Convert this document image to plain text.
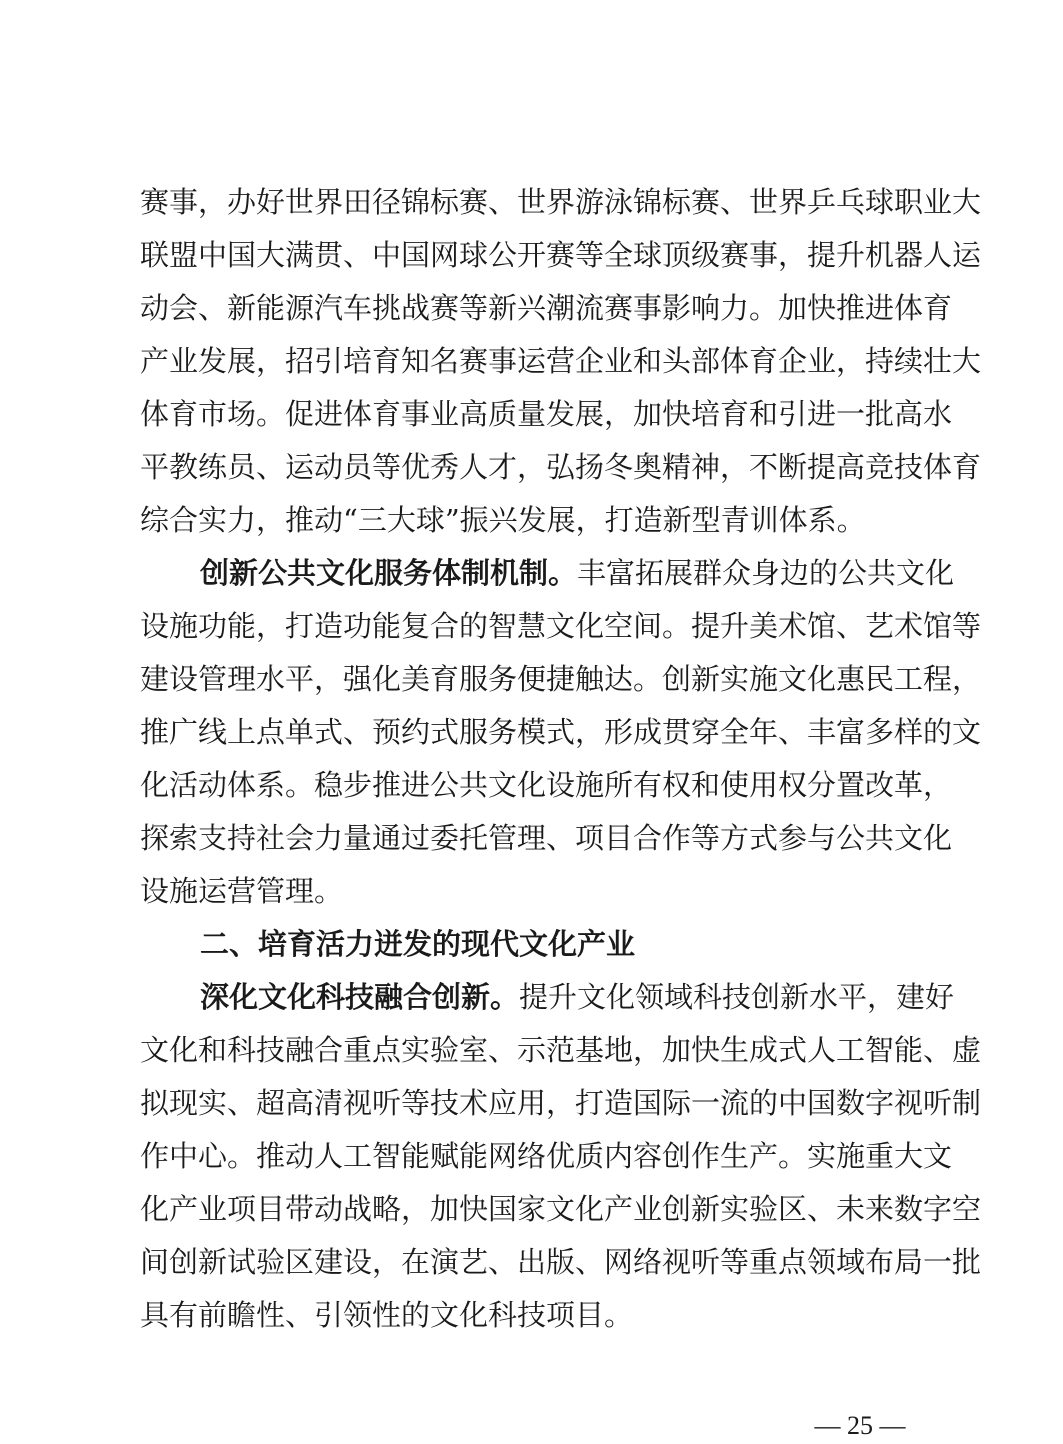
赛事，办好世界田径锦标赛、世界游泳锦标赛、世界乒乓球职业大
联盟中国大满贯、中国网球公开赛等全球顶级赛事，提升机器人运
动会、新能源汽车挑战赛等新兴潮流赛事影响力。加快推进体育
产业发展，招引培育知名赛事运营企业和头部体育企业，持续壮大
体育市场。促进体育事业高质量发展，加快培育和引进一批高水
平教练员、运动员等优秀人才，弘扬冬奥精神，不断提高竞技体育
综合实力，推动“三大球”振兴发展，打造新型青训体系。
创新公共文化服务体制机制。丰富拓展群众身边的公共文化
设施功能，打造功能复合的智慧文化空间。提升美术馆、艺术馆等
建设管理水平，强化美育服务便捷触达。创新实施文化惠民工程，
推广线上点单式、预约式服务模式，形成贯穿全年、丰富多样的文
化活动体系。稳步推进公共文化设施所有权和使用权分置改革，
探索支持社会力量通过委托管理、项目合作等方式参与公共文化
设施运营管理。
二、培育活力迸发的现代文化产业
深化文化科技融合创新。提升文化领域科技创新水平，建好
文化和科技融合重点实验室、示范基地，加快生成式人工智能、虚
拟现实、超高清视听等技术应用，打造国际一流的中国数字视听制
作中心。推动人工智能赋能网络优质内容创作生产。实施重大文
化产业项目带动战略，加快国家文化产业创新实验区、未来数字空
间创新试验区建设，在演艺、出版、网络视听等重点领域布局一批
具有前瞻性、引领性的文化科技项目。
— 25 —
